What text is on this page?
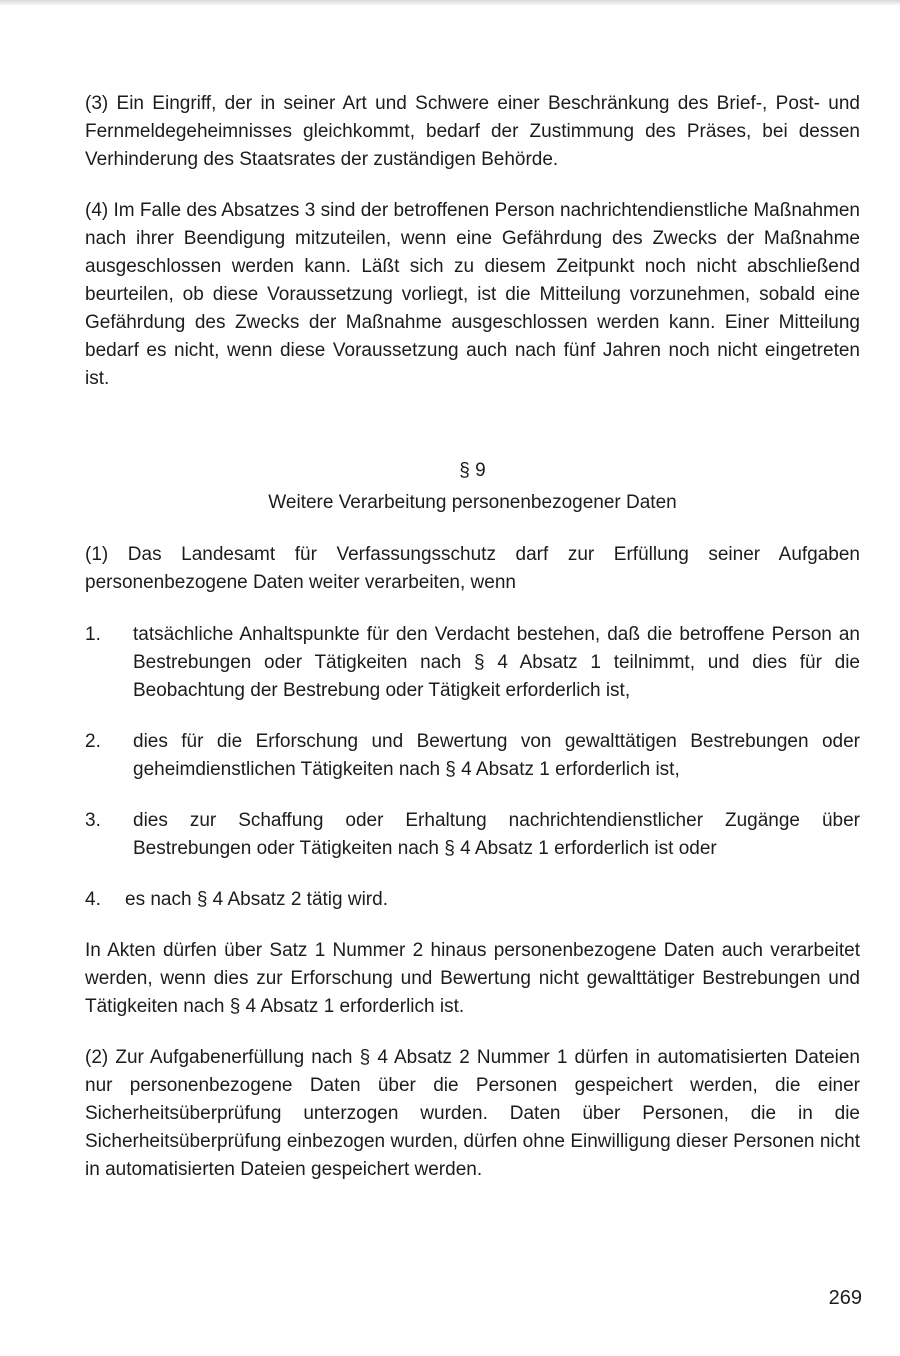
(3) Ein Eingriff, der in seiner Art und Schwere einer Beschränkung des Brief-, Post- und Fernmeldegeheimnisses gleichkommt, bedarf der Zustimmung des Präses, bei dessen Verhinderung des Staatsrates der zuständigen Behörde.

(4) Im Falle des Absatzes 3 sind der betroffenen Person nachrichtendienstliche Maßnahmen nach ihrer Beendigung mitzuteilen, wenn eine Gefährdung des Zwecks der Maßnahme ausgeschlossen werden kann. Läßt sich zu diesem Zeitpunkt noch nicht abschließend beurteilen, ob diese Voraussetzung vorliegt, ist die Mitteilung vorzunehmen, sobald eine Gefährdung des Zwecks der Maßnahme ausgeschlossen werden kann. Einer Mitteilung bedarf es nicht, wenn diese Voraussetzung auch nach fünf Jahren noch nicht eingetreten ist.

§ 9

Weitere Verarbeitung personenbezogener Daten

(1) Das Landesamt für Verfassungsschutz darf zur Erfüllung seiner Aufgaben personenbezogene Daten weiter verarbeiten, wenn

1.	tatsächliche Anhaltspunkte für den Verdacht bestehen, daß die betroffene Person an Bestrebungen oder Tätigkeiten nach § 4 Absatz 1 teilnimmt, und dies für die Beobachtung der Bestrebung oder Tätigkeit erforderlich ist,
2.	dies für die Erforschung und Bewertung von gewalttätigen Bestrebungen oder geheimdienstlichen Tätigkeiten nach § 4 Absatz 1 erforderlich ist,
3.	dies zur Schaffung oder Erhaltung nachrichtendienstlicher Zugänge über Bestrebungen oder Tätigkeiten nach § 4 Absatz 1 erforderlich ist oder
4.	es nach § 4 Absatz 2 tätig wird.

In Akten dürfen über Satz 1 Nummer 2 hinaus personenbezogene Daten auch verarbeitet werden, wenn dies zur Erforschung und Bewertung nicht gewalttätiger Bestrebungen und Tätigkeiten nach § 4 Absatz 1 erforderlich ist.

(2) Zur Aufgabenerfüllung nach § 4 Absatz 2 Nummer 1 dürfen in automatisierten Dateien nur personenbezogene Daten über die Personen gespeichert werden, die einer Sicherheitsüberprüfung unterzogen wurden. Daten über Personen, die in die Sicherheitsüberprüfung einbezogen wurden, dürfen ohne Einwilligung dieser Personen nicht in automatisierten Dateien gespeichert werden.

269
